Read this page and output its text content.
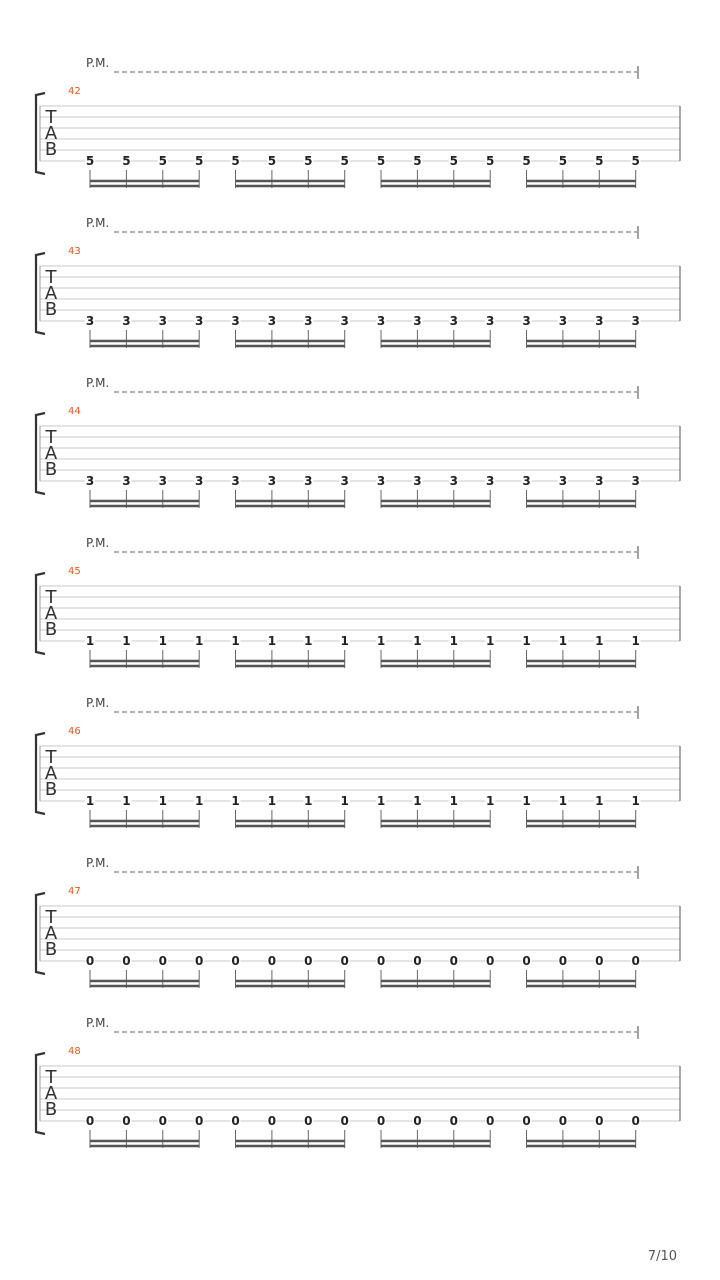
P.M.
42
T
A
B
5 5 5 5 5 5 5 5 5 5 5 5 5 5 5 5
P.M.
43
T
A
B
3 3 3 3 3 3 3 3 3 3 3 3 3 3 3 3
P.M.
44
T
A
B
3 3 3 3 3 3 3 3 3 3 3 3 3 3 3 3
P.M.
45
T
A
B
1 1 1 1 1 1 1 1 1 1 1 1 1 1 1 1
P.M.
46
T
A
B
1 1 1 1 1 1 1 1 1 1 1 1 1 1 1 1
P.M.
47
T
A
B
0 0 0 0 0 0 0 0 0 0 0 0 0 0 0 0
P.M.
48
T
A
B
0 0 0 0 0 0 0 0 0 0 0 0 0 0 0 0
7/10
